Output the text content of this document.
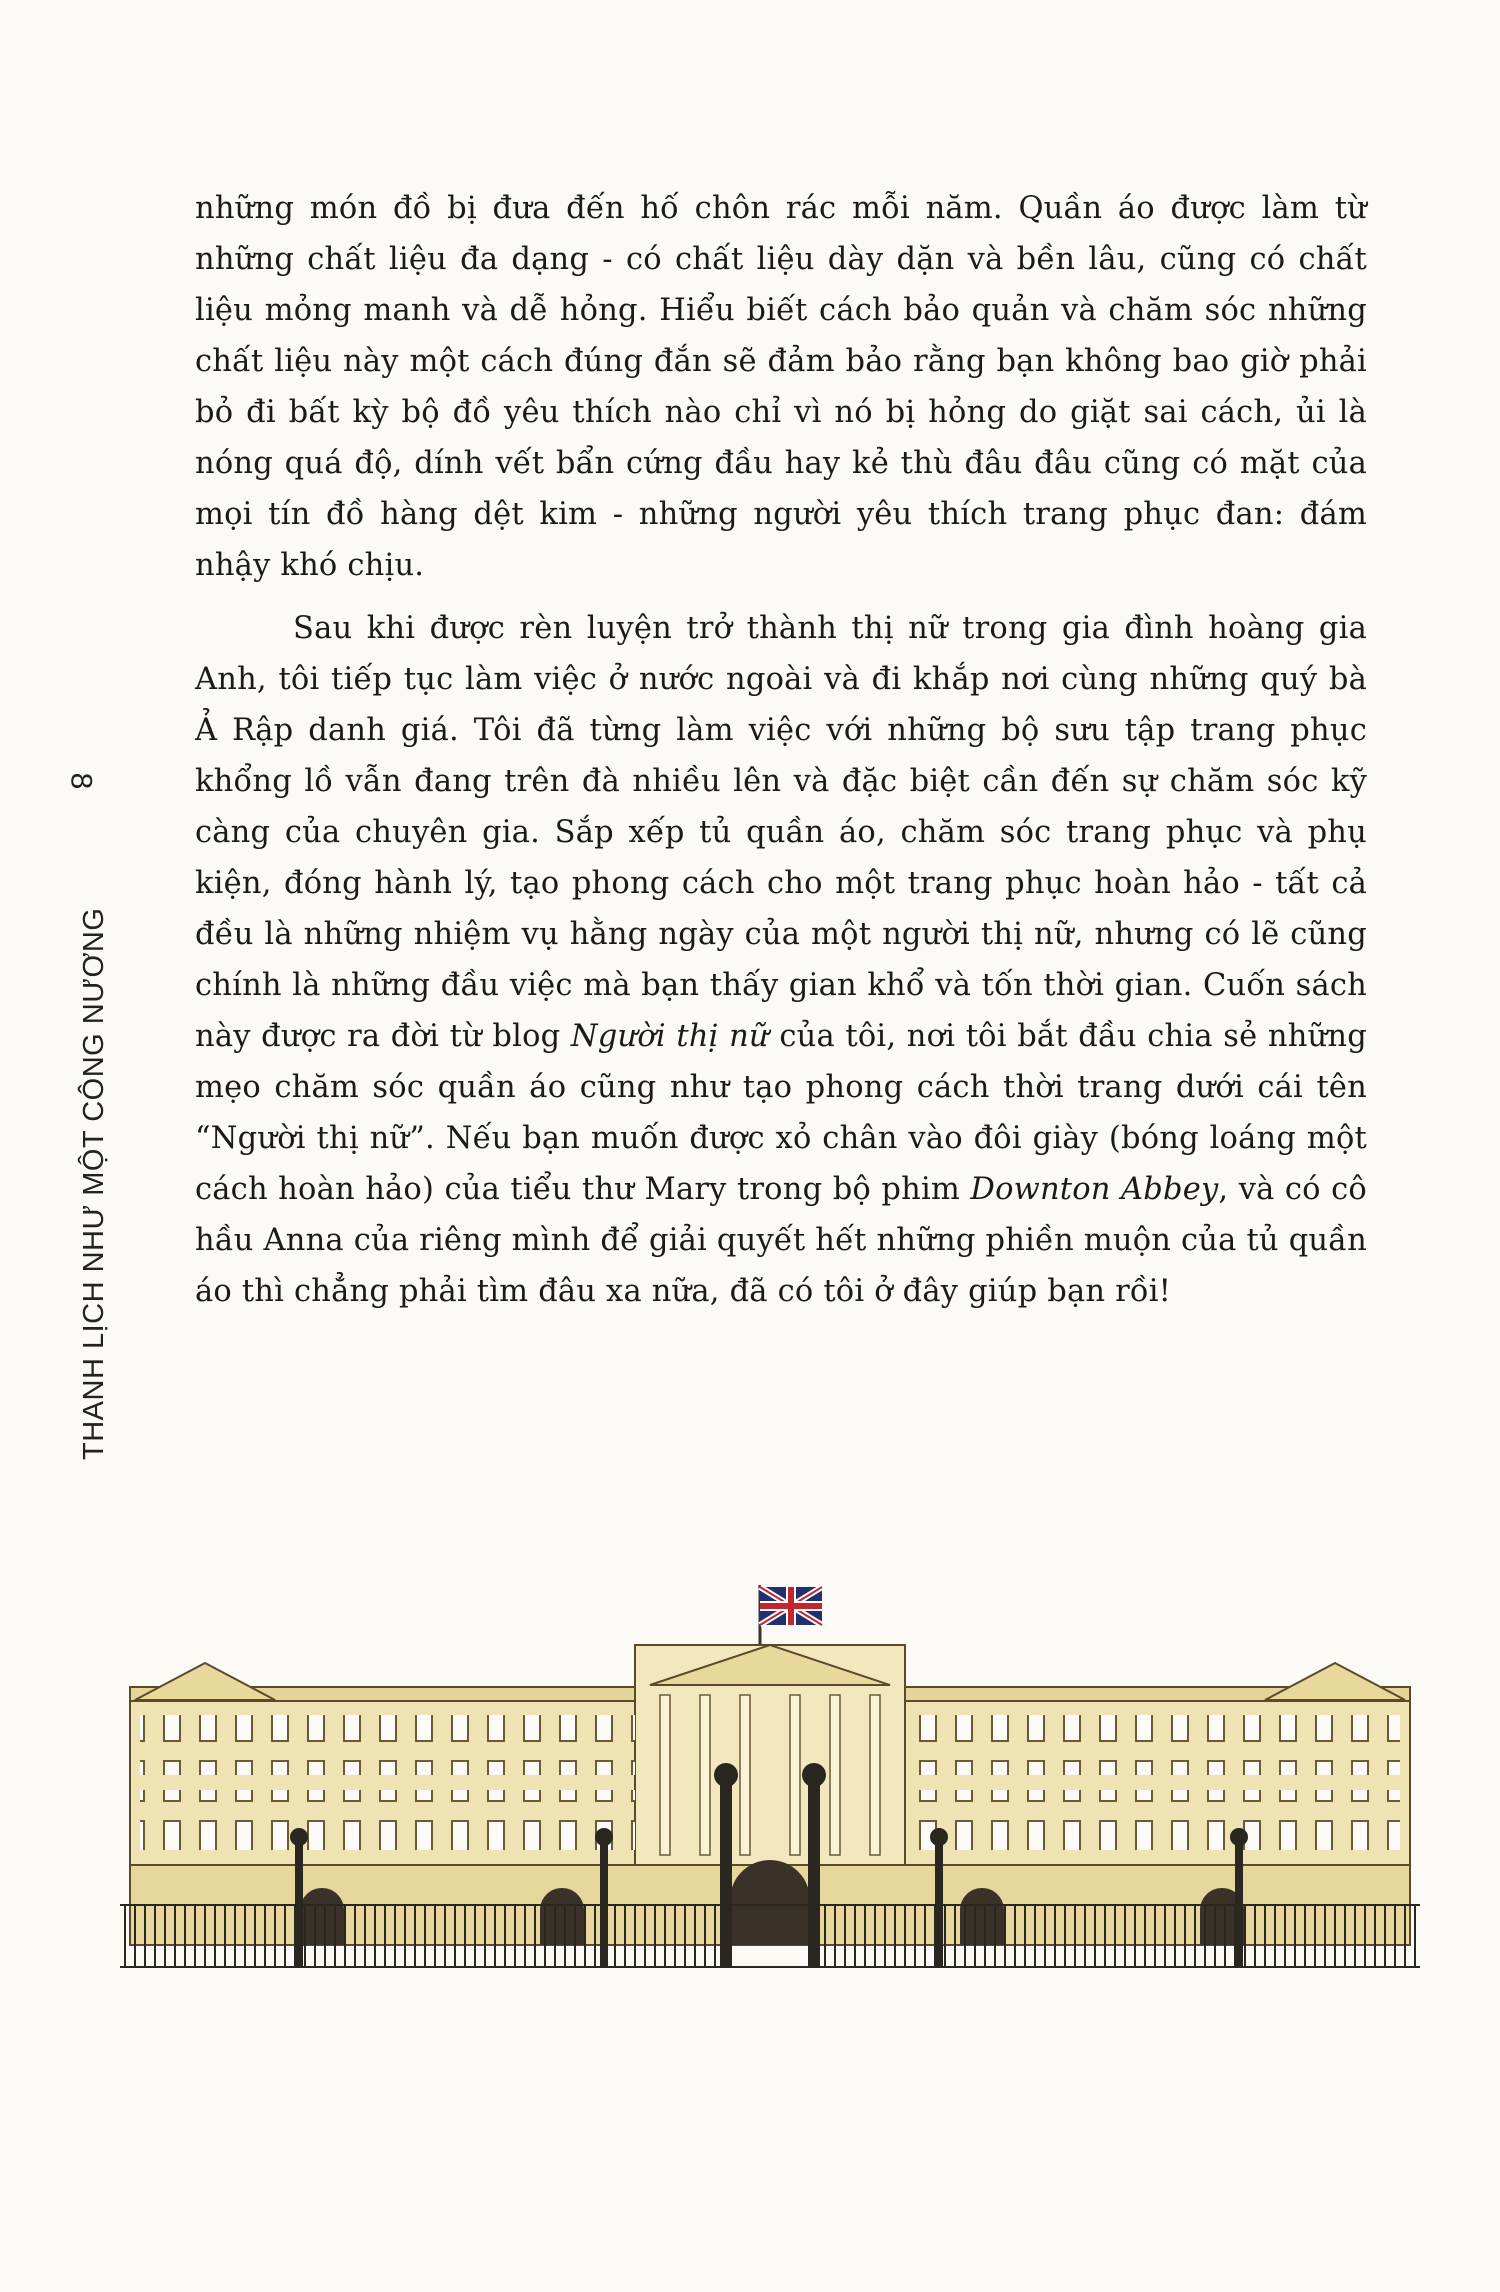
THANH LỊCH NHƯ MỘT CÔNG NƯƠNG
8

những món đồ bị đưa đến hố chôn rác mỗi năm. Quần áo được làm từ những chất liệu đa dạng - có chất liệu dày dặn và bền lâu, cũng có chất liệu mỏng manh và dễ hỏng. Hiểu biết cách bảo quản và chăm sóc những chất liệu này một cách đúng đắn sẽ đảm bảo rằng bạn không bao giờ phải bỏ đi bất kỳ bộ đồ yêu thích nào chỉ vì nó bị hỏng do giặt sai cách, ủi là nóng quá độ, dính vết bẩn cứng đầu hay kẻ thù đâu đâu cũng có mặt của mọi tín đồ hàng dệt kim - những người yêu thích trang phục đan: đám nhậy khó chịu.

Sau khi được rèn luyện trở thành thị nữ trong gia đình hoàng gia Anh, tôi tiếp tục làm việc ở nước ngoài và đi khắp nơi cùng những quý bà Ả Rập danh giá. Tôi đã từng làm việc với những bộ sưu tập trang phục khổng lồ vẫn đang trên đà nhiều lên và đặc biệt cần đến sự chăm sóc kỹ càng của chuyên gia. Sắp xếp tủ quần áo, chăm sóc trang phục và phụ kiện, đóng hành lý, tạo phong cách cho một trang phục hoàn hảo - tất cả đều là những nhiệm vụ hằng ngày của một người thị nữ, nhưng có lẽ cũng chính là những đầu việc mà bạn thấy gian khổ và tốn thời gian. Cuốn sách này được ra đời từ blog Người thị nữ của tôi, nơi tôi bắt đầu chia sẻ những mẹo chăm sóc quần áo cũng như tạo phong cách thời trang dưới cái tên “Người thị nữ”. Nếu bạn muốn được xỏ chân vào đôi giày (bóng loáng một cách hoàn hảo) của tiểu thư Mary trong bộ phim Downton Abbey, và có cô hầu Anna của riêng mình để giải quyết hết những phiền muộn của tủ quần áo thì chẳng phải tìm đâu xa nữa, đã có tôi ở đây giúp bạn rồi!
